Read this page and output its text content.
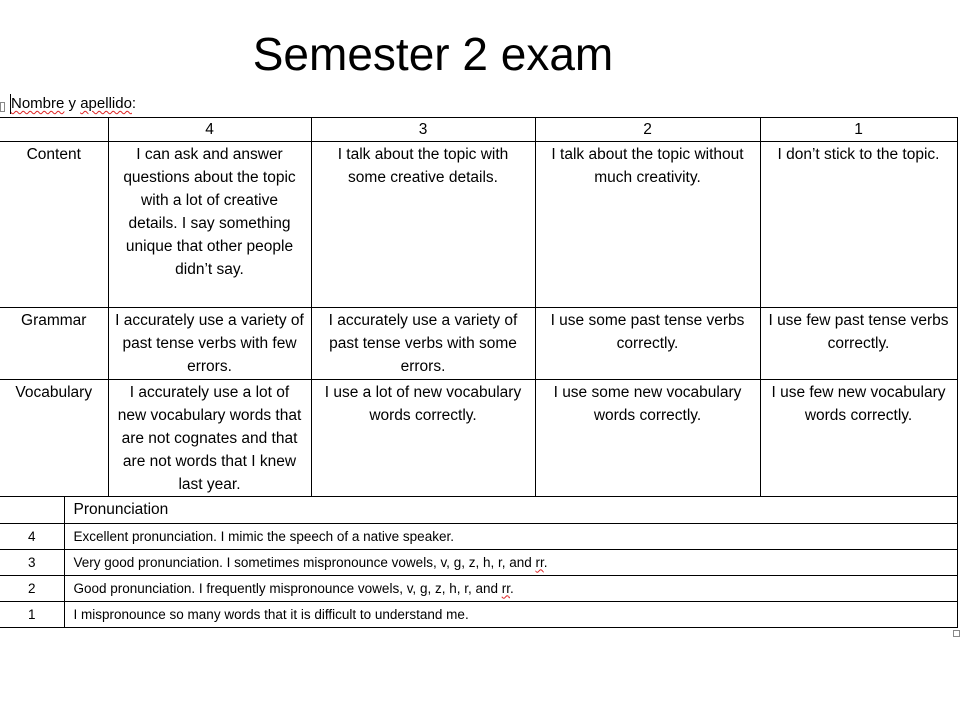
Semester 2 exam
Nombre y apellido:
	4	3	2	1
Content	I can ask and answer questions about the topic with a lot of creative details. I say something unique that other people didn’t say.	I talk about the topic with some creative details.	I talk about the topic without much creativity.	I don’t stick to the topic.
Grammar	I accurately use a variety of past tense verbs with few errors.	I accurately use a variety of past tense verbs with some errors.	I use some past tense verbs correctly.	I use few past tense verbs correctly.
Vocabulary	I accurately use a lot of new vocabulary words that are not cognates and that are not words that I knew last year.	I use a lot of new vocabulary words correctly.	I use some new vocabulary words correctly.	I use few new vocabulary words correctly.
	Pronunciation
4	Excellent pronunciation. I mimic the speech of a native speaker.
3	Very good pronunciation. I sometimes mispronounce vowels, v, g, z, h, r, and rr.
2	Good pronunciation. I frequently mispronounce vowels, v, g, z, h, r, and rr.
1	I mispronounce so many words that it is difficult to understand me.
